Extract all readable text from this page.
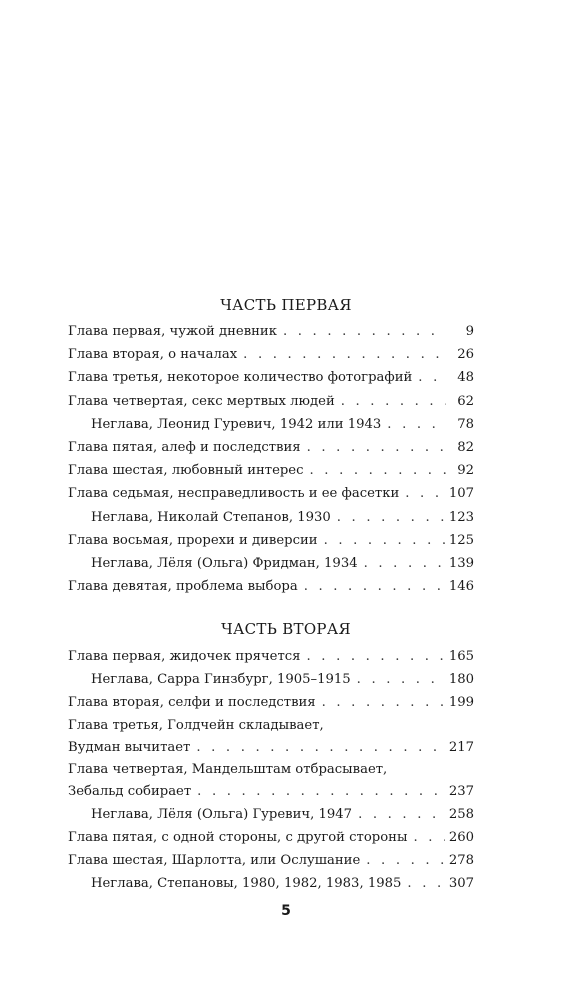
ЧАСТЬ ПЕРВАЯ
Глава первая, чужой дневник . . .	9
Глава вторая, о началах . . .	26
Глава третья, некоторое количество фотографий . . .	48
Глава четвертая, секс мертвых людей . . .	62
Неглава, Леонид Гуревич, 1942 или 1943 . . .	78
Глава пятая, алеф и последствия . . .	82
Глава шестая, любовный интерес . . .	92
Глава седьмая, несправедливость и ее фасетки . . .	107
Неглава, Николай Степанов, 1930 . . .	123
Глава восьмая, прорехи и диверсии . . .	125
Неглава, Лёля (Ольга) Фридман, 1934 . . .	139
Глава девятая, проблема выбора . . .	146
ЧАСТЬ ВТОРАЯ
Глава первая, жидочек прячется . . .	165
Неглава, Сарра Гинзбург, 1905–1915 . . .	180
Глава вторая, селфи и последствия . . .	199
Глава третья, Голдчейн складывает,
Вудман вычитает . . .	217
Глава четвертая, Мандельштам отбрасывает,
Зебальд собирает . . .	237
Неглава, Лёля (Ольга) Гуревич, 1947 . . .	258
Глава пятая, с одной стороны, с другой стороны . . .	260
Глава шестая, Шарлотта, или Ослушание . . .	278
Неглава, Степановы, 1980, 1982, 1983, 1985 . . .	307
5
